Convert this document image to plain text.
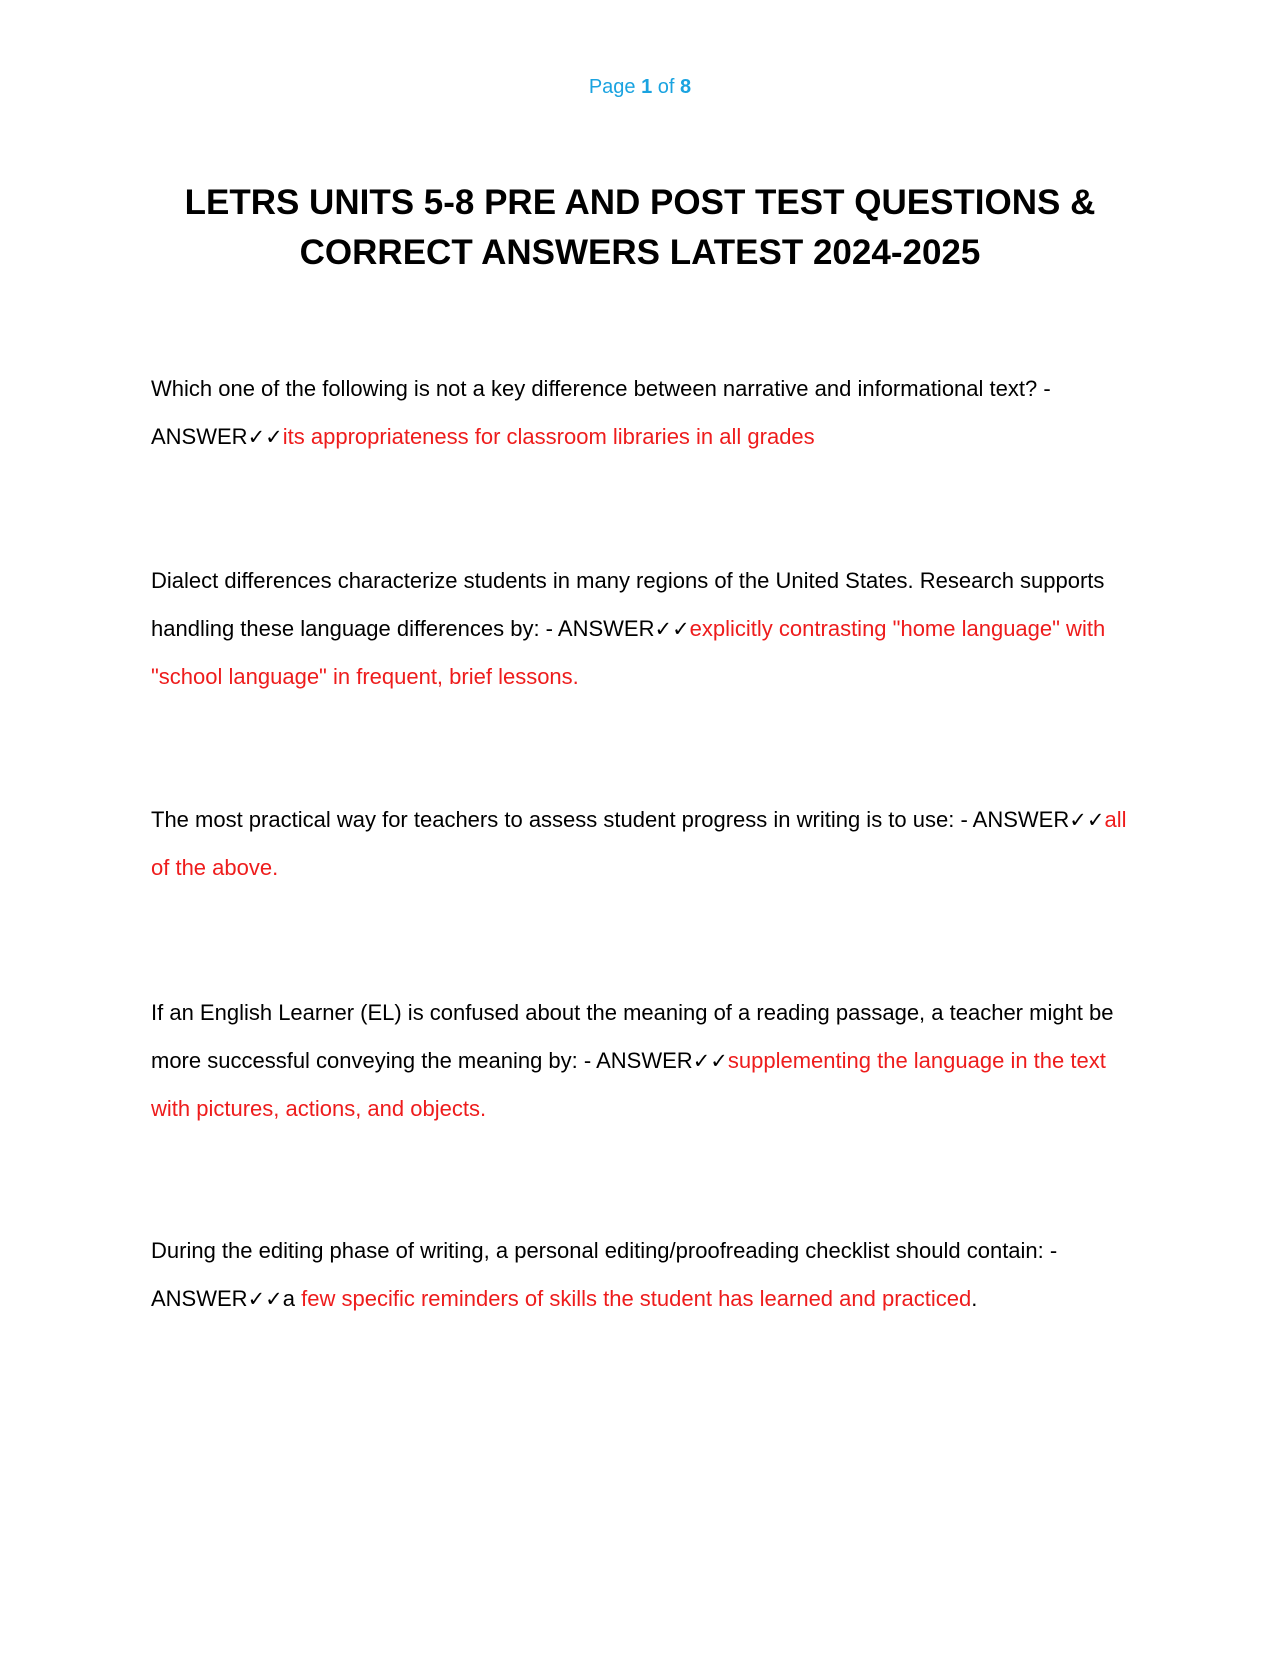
Page 1 of 8
LETRS UNITS 5-8 PRE AND POST TEST QUESTIONS & CORRECT ANSWERS LATEST 2024-2025
Which one of the following is not a key difference between narrative and informational text? - ANSWER✓✓its appropriateness for classroom libraries in all grades
Dialect differences characterize students in many regions of the United States. Research supports handling these language differences by: - ANSWER✓✓explicitly contrasting "home language" with "school language" in frequent, brief lessons.
The most practical way for teachers to assess student progress in writing is to use: - ANSWER✓✓all of the above.
If an English Learner (EL) is confused about the meaning of a reading passage, a teacher might be more successful conveying the meaning by: - ANSWER✓✓supplementing the language in the text with pictures, actions, and objects.
During the editing phase of writing, a personal editing/proofreading checklist should contain: - ANSWER✓✓a few specific reminders of skills the student has learned and practiced.
